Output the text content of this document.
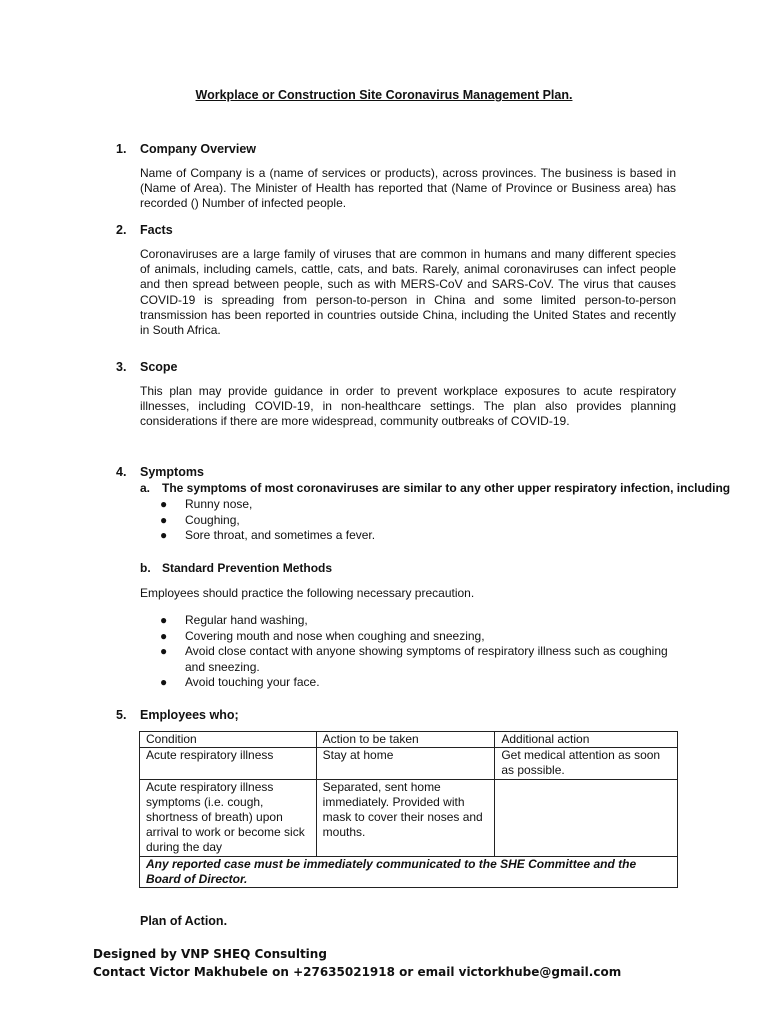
Workplace or Construction Site Coronavirus Management Plan.
1. Company Overview

Name of Company is a (name of services or products), across provinces. The business is based in (Name of Area). The Minister of Health has reported that (Name of Province or Business area) has recorded () Number of infected people.

2. Facts

Coronaviruses are a large family of viruses that are common in humans and many different species of animals, including camels, cattle, cats, and bats. Rarely, animal coronaviruses can infect people and then spread between people, such as with MERS-CoV and SARS-CoV. The virus that causes COVID-19 is spreading from person-to-person in China and some limited person-to-person transmission has been reported in countries outside China, including the United States and recently in South Africa.

3. Scope

This plan may provide guidance in order to prevent workplace exposures to acute respiratory illnesses, including COVID-19, in non-healthcare settings. The plan also provides planning considerations if there are more widespread, community outbreaks of COVID-19.

4. Symptoms
a. The symptoms of most coronaviruses are similar to any other upper respiratory infection, including
● Runny nose,
● Coughing,
● Sore throat, and sometimes a fever.
b. Standard Prevention Methods

Employees should practice the following necessary precaution.

● Regular hand washing,
● Covering mouth and nose when coughing and sneezing,
● Avoid close contact with anyone showing symptoms of respiratory illness such as coughing and sneezing.
● Avoid touching your face.
5. Employees who;
Condition	Action to be taken	Additional action
Acute respiratory illness	Stay at home	Get medical attention as soon as possible.
Acute respiratory illness symptoms (i.e. cough, shortness of breath) upon arrival to work or become sick during the day	Separated, sent home immediately. Provided with mask to cover their noses and mouths.	
Any reported case must be immediately communicated to the SHE Committee and the Board of Director.		
Plan of Action.
Designed by VNP SHEQ Consulting
Contact Victor Makhubele on +27635021918 or email victorkhube@gmail.com
